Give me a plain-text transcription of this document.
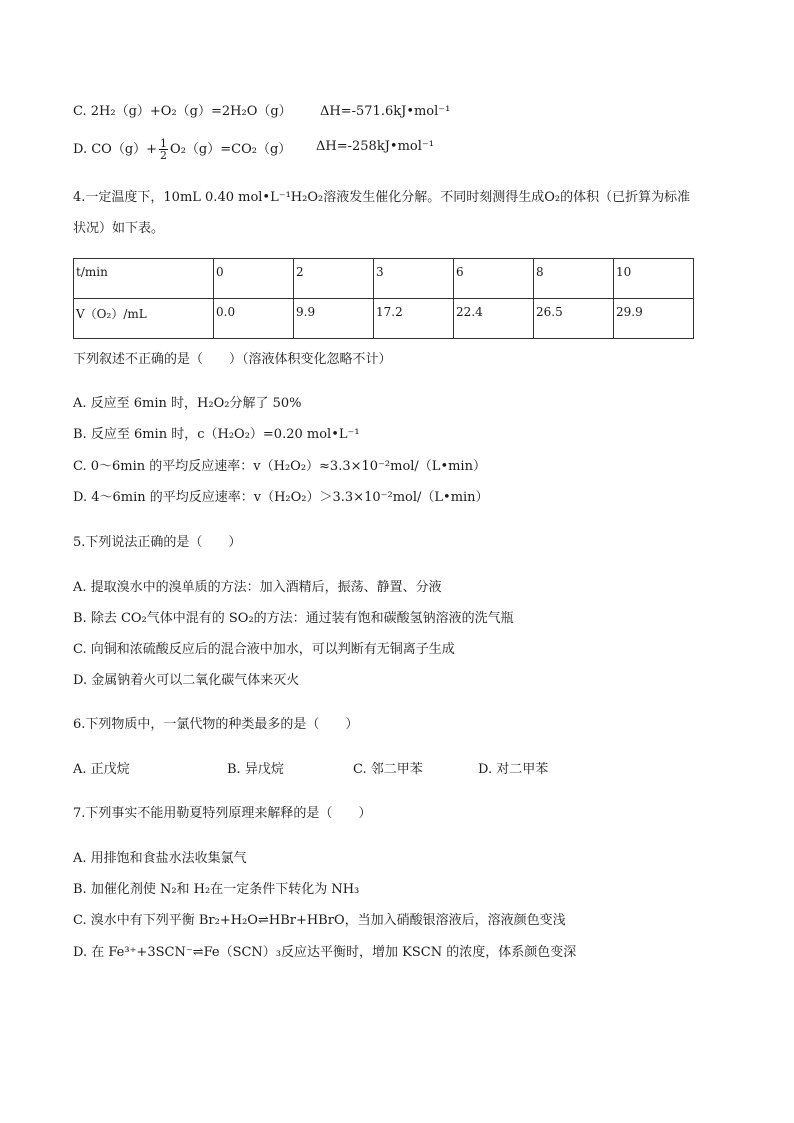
C. 2H₂（g）+O₂（g）=2H₂O（g） ΔH=-571.6kJ•mol⁻¹
D. $CO(g)+ \frac{1}{2} O_2(g)=CO_2(g)$ ΔH=-258kJ•mol⁻¹
4.一定温度下，10mL 0.40 mol•L⁻¹H₂O₂溶液发生催化分解。不同时刻测得生成O₂的体积（已折算为标准
状况）如下表。
t/min	0	2	3	6	8	10
V（O₂）/mL	0.0	9.9	17.2	22.4	26.5	29.9
下列叙述不正确的是（　　）（溶液体积变化忽略不计）
A. 反应至 6min 时，H₂O₂分解了 50%
B. 反应至 6min 时，c（H₂O₂）=0.20 mol•L⁻¹
C. 0～6min 的平均反应速率：v（H₂O₂）≈3.3×10⁻²mol/（L•min）
D. 4～6min 的平均反应速率：v（H₂O₂）＞3.3×10⁻²mol/（L•min）
5.下列说法正确的是（　　）
A. 提取溴水中的溴单质的方法：加入酒精后，振荡、静置、分液
B. 除去 CO₂气体中混有的 SO₂的方法：通过装有饱和碳酸氢钠溶液的洗气瓶
C. 向铜和浓硫酸反应后的混合液中加水，可以判断有无铜离子生成
D. 金属钠着火可以二氧化碳气体来灭火
6.下列物质中，一氯代物的种类最多的是（　　）
A. 正戊烷	B. 异戊烷	C. 邻二甲苯	D. 对二甲苯
7.下列事实不能用勒夏特列原理来解释的是（　　）
A. 用排饱和食盐水法收集氯气
B. 加催化剂使 N₂和 H₂在一定条件下转化为 NH₃
C. 溴水中有下列平衡 Br₂+H₂O⇌HBr+HBrO，当加入硝酸银溶液后，溶液颜色变浅
D. 在 Fe³⁺+3SCN⁻⇌Fe（SCN）₃反应达平衡时，增加 KSCN 的浓度，体系颜色变深
